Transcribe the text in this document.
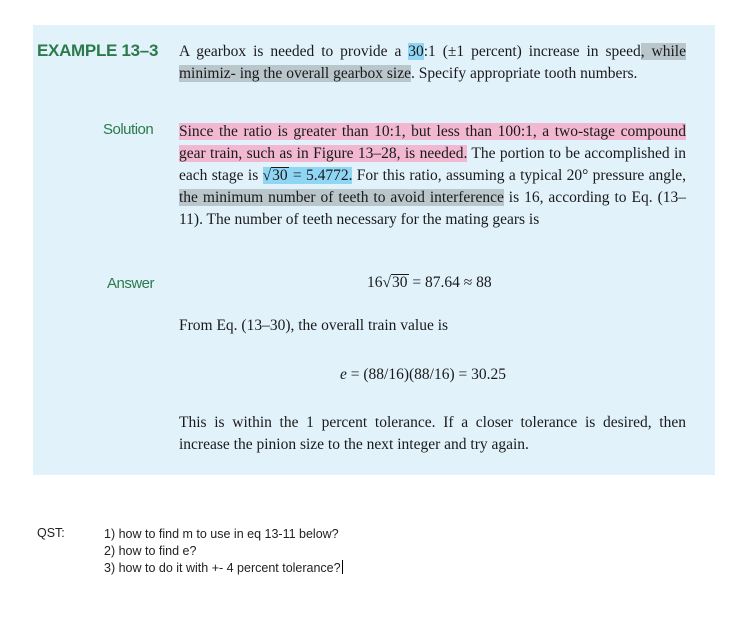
EXAMPLE 13–3 A gearbox is needed to provide a 30:1 (±1 percent) increase in speed, while minimiz- ing the overall gearbox size. Specify appropriate tooth numbers.
Solution Since the ratio is greater than 10:1, but less than 100:1, a two-stage compound gear train, such as in Figure 13–28, is needed. The portion to be accomplished in each stage is √30 = 5.4772. For this ratio, assuming a typical 20° pressure angle, the minimum number of teeth to avoid interference is 16, according to Eq. (13–11). The number of teeth necessary for the mating gears is
Answer	16√30 = 87.64 ≈ 88
From Eq. (13–30), the overall train value is
e = (88/16)(88/16) = 30.25
This is within the 1 percent tolerance. If a closer tolerance is desired, then increase the pinion size to the next integer and try again.
QST:	1) how to find m to use in eq 13-11 below?
2) how to find e?
3) how to do it with +- 4 percent tolerance?
